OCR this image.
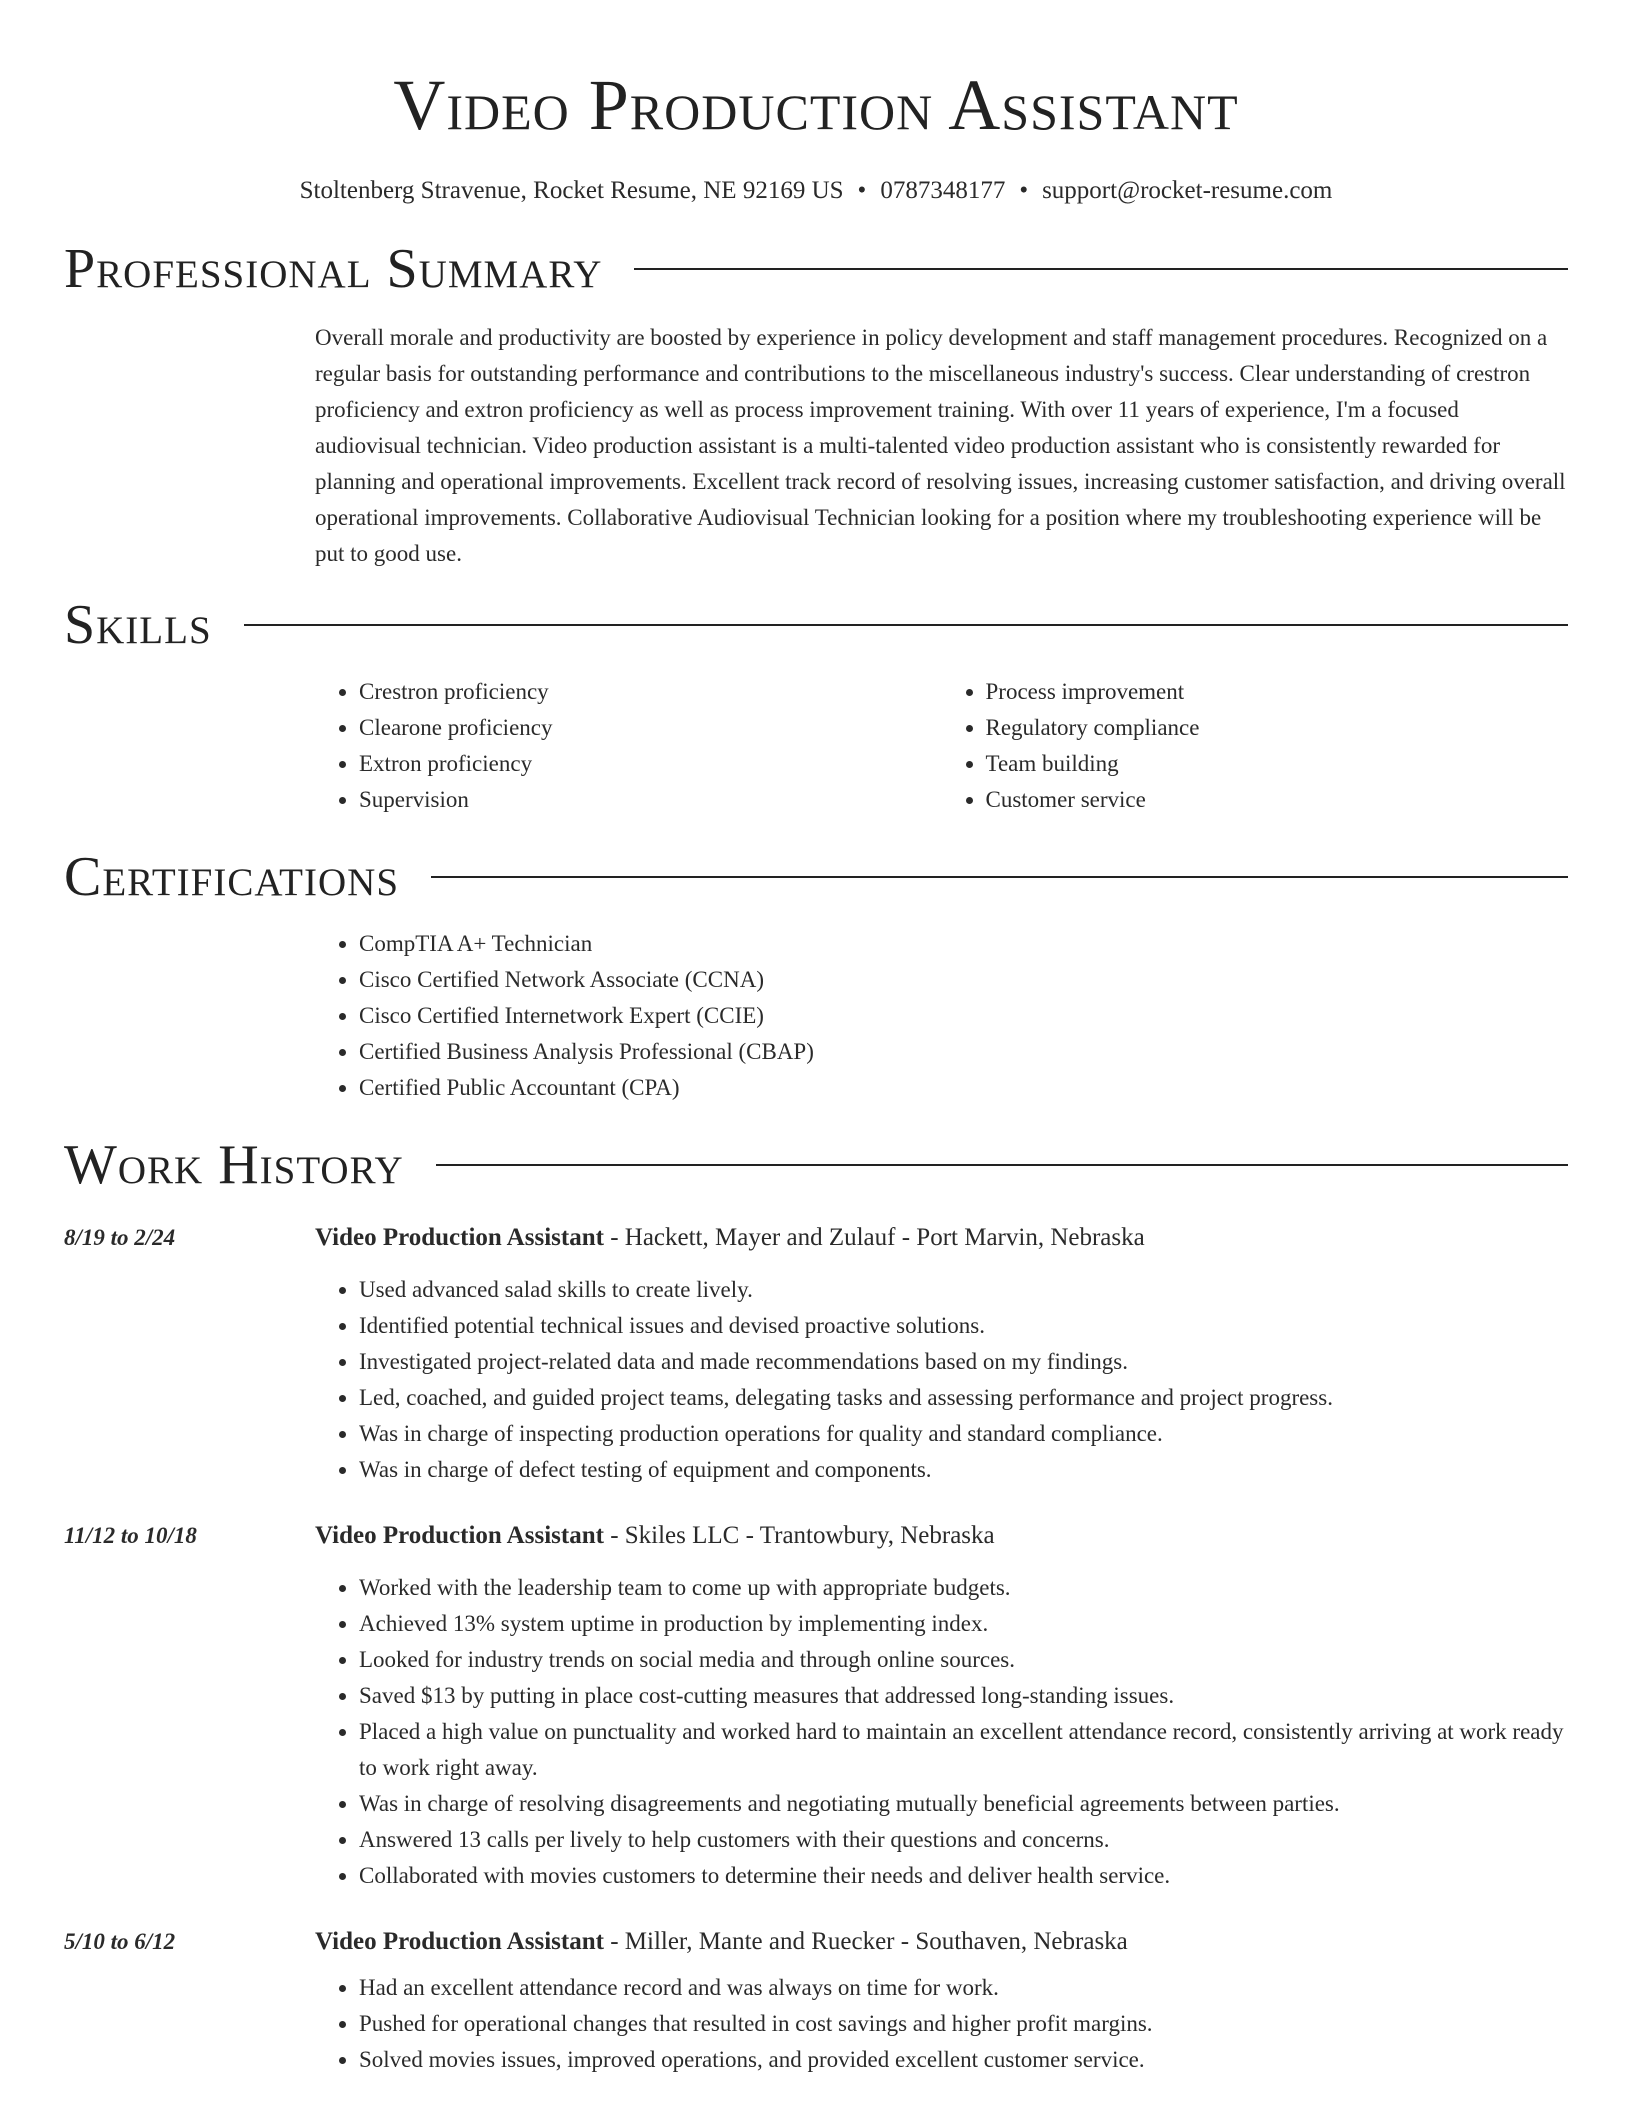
Video Production Assistant
Stoltenberg Stravenue, Rocket Resume, NE 92169 US • 0787348177 • support@rocket-resume.com
Professional Summary
Overall morale and productivity are boosted by experience in policy development and staff management procedures. Recognized on a regular basis for outstanding performance and contributions to the miscellaneous industry's success. Clear understanding of crestron proficiency and extron proficiency as well as process improvement training. With over 11 years of experience, I'm a focused audiovisual technician. Video production assistant is a multi-talented video production assistant who is consistently rewarded for planning and operational improvements. Excellent track record of resolving issues, increasing customer satisfaction, and driving overall operational improvements. Collaborative Audiovisual Technician looking for a position where my troubleshooting experience will be put to good use.
Skills
• Crestron proficiency
• Clearone proficiency
• Extron proficiency
• Supervision
• Process improvement
• Regulatory compliance
• Team building
• Customer service
Certifications
• CompTIA A+ Technician
• Cisco Certified Network Associate (CCNA)
• Cisco Certified Internetwork Expert (CCIE)
• Certified Business Analysis Professional (CBAP)
• Certified Public Accountant (CPA)
Work History
8/19 to 2/24	Video Production Assistant - Hackett, Mayer and Zulauf - Port Marvin, Nebraska
• Used advanced salad skills to create lively.
• Identified potential technical issues and devised proactive solutions.
• Investigated project-related data and made recommendations based on my findings.
• Led, coached, and guided project teams, delegating tasks and assessing performance and project progress.
• Was in charge of inspecting production operations for quality and standard compliance.
• Was in charge of defect testing of equipment and components.
11/12 to 10/18	Video Production Assistant - Skiles LLC - Trantowbury, Nebraska
• Worked with the leadership team to come up with appropriate budgets.
• Achieved 13% system uptime in production by implementing index.
• Looked for industry trends on social media and through online sources.
• Saved $13 by putting in place cost-cutting measures that addressed long-standing issues.
• Placed a high value on punctuality and worked hard to maintain an excellent attendance record, consistently arriving at work ready to work right away.
• Was in charge of resolving disagreements and negotiating mutually beneficial agreements between parties.
• Answered 13 calls per lively to help customers with their questions and concerns.
• Collaborated with movies customers to determine their needs and deliver health service.
5/10 to 6/12	Video Production Assistant - Miller, Mante and Ruecker - Southaven, Nebraska
• Had an excellent attendance record and was always on time for work.
• Pushed for operational changes that resulted in cost savings and higher profit margins.
• Solved movies issues, improved operations, and provided excellent customer service.
